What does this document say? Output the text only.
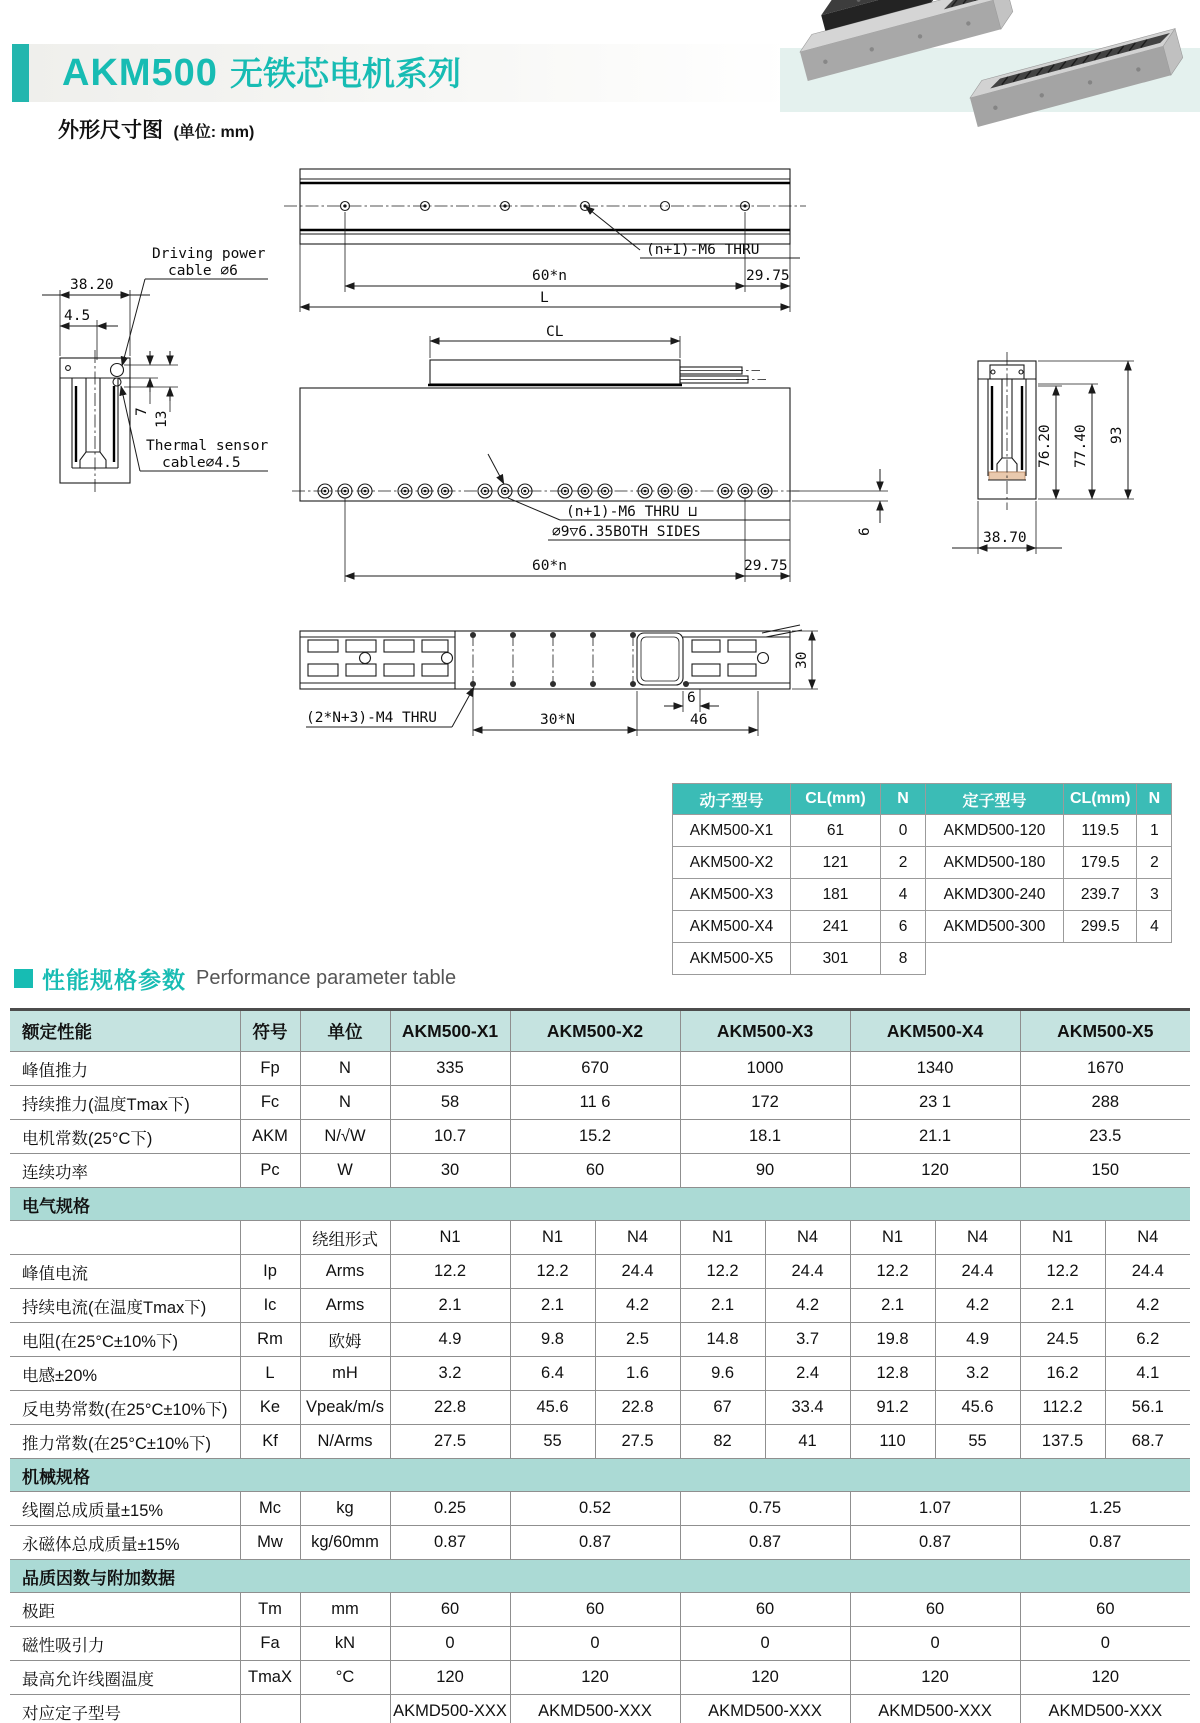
AKM500 无铁芯电机系列
外形尺寸图 (单位: mm)
(n+1)-M6 THRU
60*n	29.75
L
CL
(n+1)-M6 THRU ⊔
∅9▽6.35BOTH SIDES	6
60*n	29.75
38.20
4.5
Driving power
cable ∅6
Thermal sensor
cable∅4.5
7 13
76.20 77.40 93
38.70
(2*N+3)-M4 THRU	30*N	46
6
30
动子型号	CL(mm)	N	定子型号	CL(mm)	N
AKM500-X1	61	0	AKMD500-120	119.5	1
AKM500-X2	121	2	AKMD500-180	179.5	2
AKM500-X3	181	4	AKMD300-240	239.7	3
AKM500-X4	241	6	AKMD500-300	299.5	4
AKM500-X5	301	8			
性能规格参数 Performance parameter table
额定性能	符号	单位	AKM500-X1	AKM500-X2		AKM500-X3		AKM500-X4		AKM500-X5	
峰值推力	Fp	N	335	670		1000		1340		1670	
持续推力(温度Tmax下)	Fc	N	58	11 6		172		23 1		288	
电机常数(25°C下)	AKM	N/√W	10.7	15.2		18.1		21.1		23.5	
连续功率	Pc	W	30	60		90		120		150	
电气规格											
		绕组形式	N1	N1	N4	N1	N4	N1	N4	N1	N4
峰值电流	Ip	Arms	12.2	12.2	24.4	12.2	24.4	12.2	24.4	12.2	24.4
持续电流(在温度Tmax下)	Ic	Arms	2.1	2.1	4.2	2.1	4.2	2.1	4.2	2.1	4.2
电阻(在25°C±10%下)	Rm	欧姆	4.9	9.8	2.5	14.8	3.7	19.8	4.9	24.5	6.2
电感±20%	L	mH	3.2	6.4	1.6	9.6	2.4	12.8	3.2	16.2	4.1
反电势常数(在25°C±10%下)	Ke	Vpeak/m/s	22.8	45.6	22.8	67	33.4	91.2	45.6	112.2	56.1
推力常数(在25°C±10%下)	Kf	N/Arms	27.5	55	27.5	82	41	110	55	137.5	68.7
机械规格											
线圈总成质量±15%	Mc	kg	0.25	0.52		0.75		1.07		1.25	
永磁体总成质量±15%	Mw	kg/60mm	0.87	0.87		0.87		0.87		0.87	
品质因数与附加数据											
极距	Tm	mm	60	60		60		60		60	
磁性吸引力	Fa	kN	0	0		0		0		0	
最高允许线圈温度	TmaX	°C	120	120		120		120		120	
对应定子型号			AKMD500-XXX	AKMD500-XXX		AKMD500-XXX		AKMD500-XXX		AKMD500-XXX	
